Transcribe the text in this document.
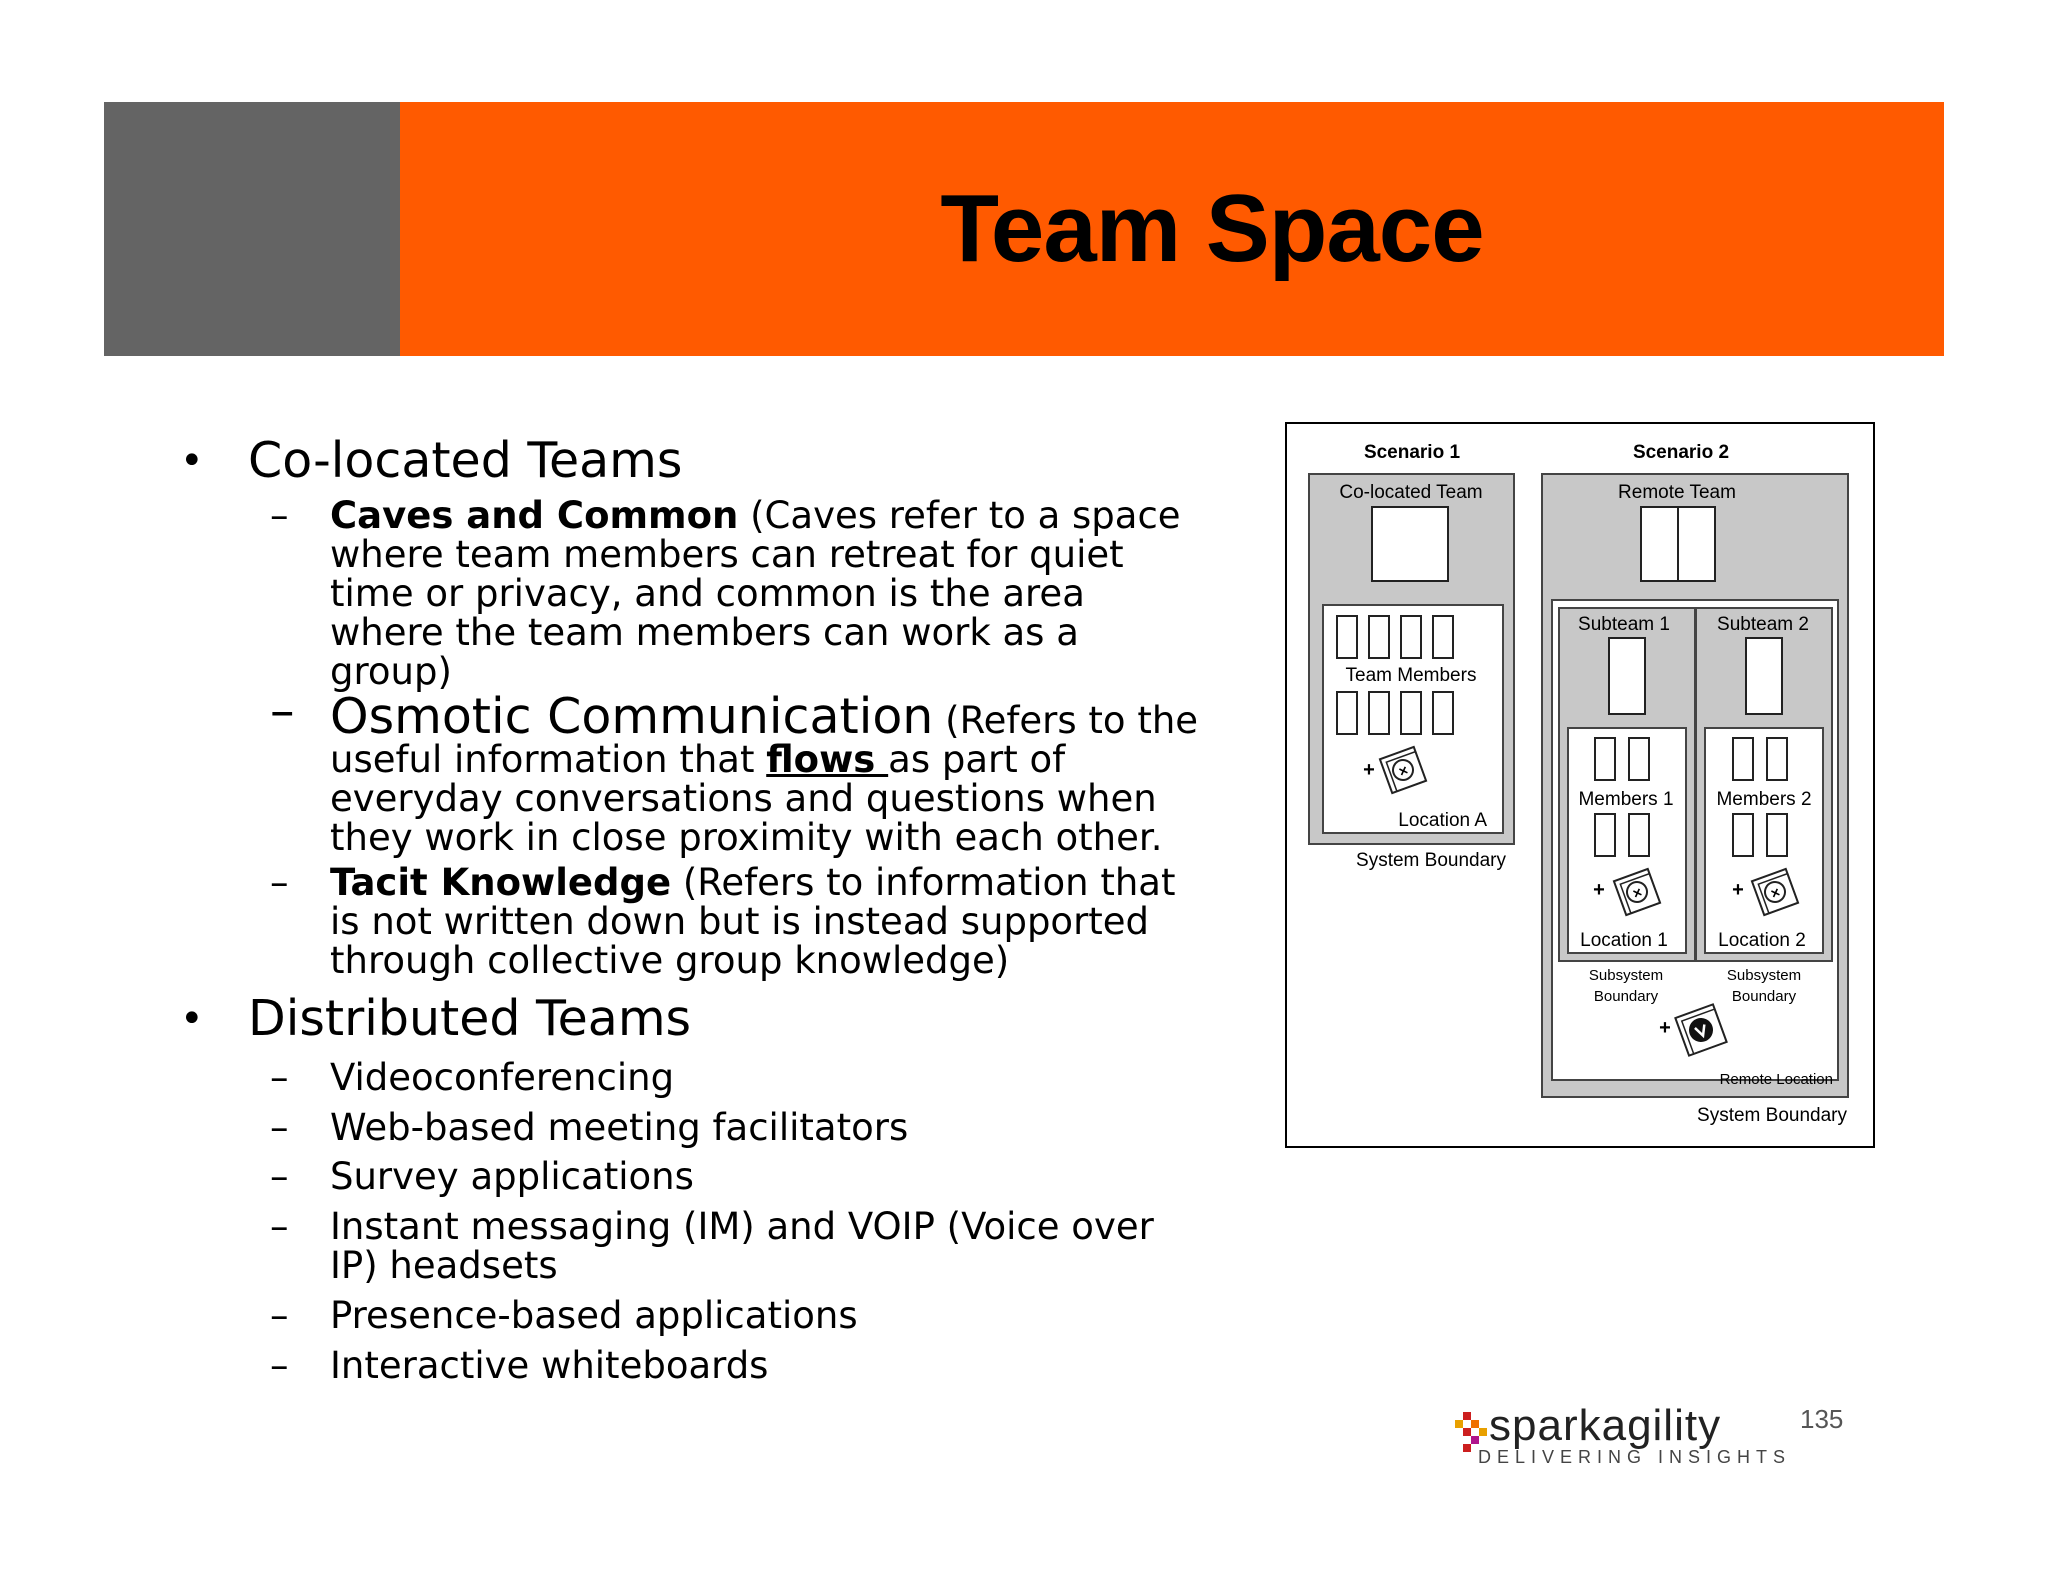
Team Space
• Co-located Teams
– Caves and Common (Caves refer to a space where team members can retreat for quiet time or privacy, and common is the area where the team members can work as a group)
– Osmotic Communication (Refers to the useful information that flows as part of everyday conversations and questions when they work in close proximity with each other.
– Tacit Knowledge (Refers to information that is not written down but is instead supported through collective group knowledge)
• Distributed Teams
– Videoconferencing
– Web-based meeting facilitators
– Survey applications
– Instant messaging (IM) and VOIP (Voice over IP) headsets
– Presence-based applications
– Interactive whiteboards
Scenario 1
Co-located Team
Team Members
+ ×
Location A
System Boundary
Scenario 2
Remote Team
Subteam 1
Members 1
+ ×
Location 1
Subsystem
Boundary
Subteam 2
Members 2
+ ×
Location 2
Subsystem
Boundary
+
Remote Location
System Boundary
sparkagility
DELIVERING INSIGHTS
135
